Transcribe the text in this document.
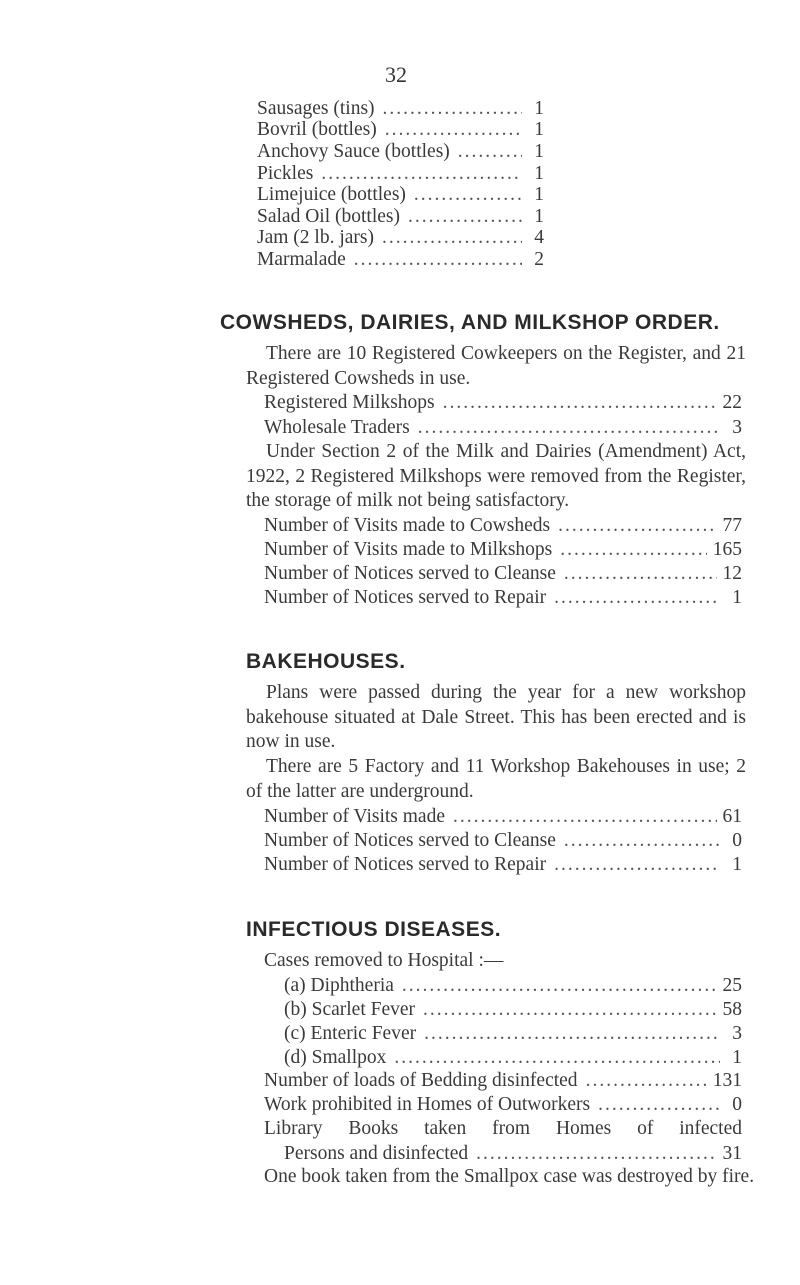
32
Sausages (tins) .....	1
Bovril (bottles) .....	1
Anchovy Sauce (bottles) .....	1
Pickles .....	1
Limejuice (bottles) .....	1
Salad Oil (bottles) .....	1
Jam (2 lb. jars) .....	4
Marmalade .....	2
COWSHEDS, DAIRIES, AND MILKSHOP ORDER.
There are 10 Registered Cowkeepers on the Register, and 21 Registered Cowsheds in use.
Registered Milkshops .....	22
Wholesale Traders .....	3
Under Section 2 of the Milk and Dairies (Amendment) Act, 1922, 2 Registered Milkshops were removed from the Register, the storage of milk not being satisfactory.
Number of Visits made to Cowsheds .....	77
Number of Visits made to Milkshops .....	165
Number of Notices served to Cleanse .....	12
Number of Notices served to Repair .....	1
BAKEHOUSES.
Plans were passed during the year for a new workshop bakehouse situated at Dale Street. This has been erected and is now in use.
There are 5 Factory and 11 Workshop Bakehouses in use; 2 of the latter are underground.
Number of Visits made .....	61
Number of Notices served to Cleanse .....	0
Number of Notices served to Repair .....	1
INFECTIOUS DISEASES.
Cases removed to Hospital :—
(a) Diphtheria .....	25
(b) Scarlet Fever .....	58
(c) Enteric Fever .....	3
(d) Smallpox .....	1
Number of loads of Bedding disinfected .....	131
Work prohibited in Homes of Outworkers .....	0
Library Books taken from Homes of infected
Persons and disinfected .....	31
One book taken from the Smallpox case was destroyed by fire.
